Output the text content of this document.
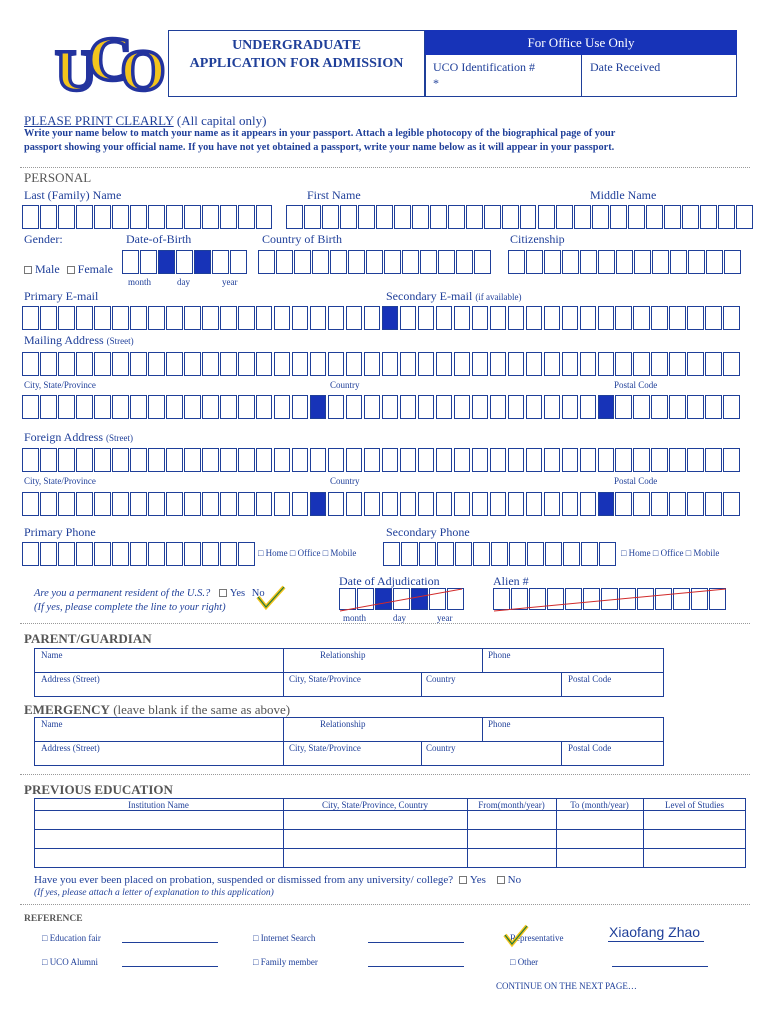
U
C
O	UNDERGRADUATE
APPLICATION FOR ADMISSION
For Office Use Only
UCO Identification #
*
Date Received
PLEASE PRINT CLEARLY (All capital only)
Write your name below to match your name as it appears in your passport. Attach a legible photocopy of the biographical page of your
passport showing your official name. If you have not yet obtained a passport, write your name below as it will appear in your passport.
PERSONAL
Last (Family) Name	First Name	Middle Name
Gender:	Date-of-Birth	Country of Birth	Citizenship
Male Female
month	day	year
Primary E-mail	Secondary E-mail (if available)
Mailing Address (Street)
City, State/Province	Country	Postal Code
Foreign Address (Street)
City, State/Province	Country	Postal Code
Primary Phone	Secondary Phone
□ Home □ Office □ Mobile	□ Home □ Office □ Mobile
Are you a permanent resident of the U.S.? Yes No
(If yes, please complete the line to your right)
Date of Adjudication	Alien #
month	day	year
PARENT/GUARDIAN
Name	Relationship	Phone
Address (Street)	City, State/Province	Country	Postal Code
EMERGENCY (leave blank if the same as above)
Name	Relationship	Phone
Address (Street)	City, State/Province	Country	Postal Code
PREVIOUS EDUCATION
Institution Name	City, State/Province, Country	From(month/year)	To (month/year)	Level of Studies
Have you ever been placed on probation, suspended or dismissed from any university/ college? Yes No
(If yes, please attach a letter of explanation to this application)
REFERENCE
□ Education fair	□ Internet Search	Representative	Xiaofang Zhao
□ UCO Alumni	□ Family member	□ Other
CONTINUE ON THE NEXT PAGE…
